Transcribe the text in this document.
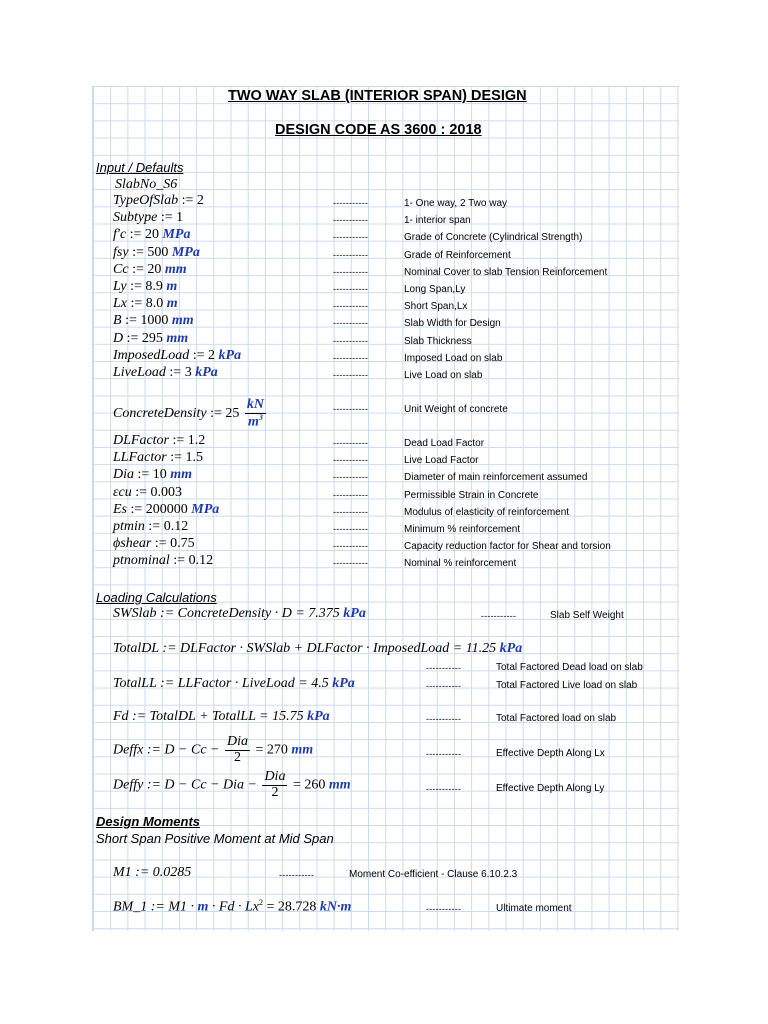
TWO WAY SLAB (INTERIOR SPAN) DESIGN
DESIGN CODE AS 3600 : 2018
Input / Defaults
SlabNo_S6
TypeOfSlab := 2	-----------	1- One way, 2 Two way
Subtype := 1	-----------	1- interior span
f′c := 20 MPa	-----------	Grade of Concrete (Cylindrical Strength)
fsy := 500 MPa	-----------	Grade of Reinforcement
Cc := 20 mm	-----------	Nominal Cover to slab Tension Reinforcement
Ly := 8.9 m	-----------	Long Span,Ly
Lx := 8.0 m	-----------	Short Span,Lx
B := 1000 mm	-----------	Slab Width for Design
D := 295 mm	-----------	Slab Thickness
ImposedLoad := 2 kPa	-----------	Imposed Load on slab
LiveLoad := 3 kPa	-----------	Live Load on slab
ConcreteDensity := $25 \frac{kN}{m^3}$	-----------	Unit Weight of concrete
DLFactor := 1.2	-----------	Dead Load Factor
LLFactor := 1.5	-----------	Live Load Factor
Dia := 10 mm	-----------	Diameter of main reinforcement assumed
εcu := 0.003	-----------	Permissible Strain in Concrete
Es := 200000 MPa	-----------	Modulus of elasticity of reinforcement
ptmin := 0.12	-----------	Minimum % reinforcement
ϕshear := 0.75	-----------	Capacity reduction factor for Shear and torsion
ptnominal := 0.12	-----------	Nominal % reinforcement
Loading Calculations
SWSlab := ConcreteDensity · D = 7.375 kPa	-----------	Slab Self Weight
TotalDL := DLFactor · SWSlab + DLFactor · ImposedLoad = 11.25 kPa
-----------	Total Factored Dead load on slab
TotalLL := LLFactor · LiveLoad = 4.5 kPa	-----------	Total Factored Live load on slab
Fd := TotalDL + TotalLL = 15.75 kPa	-----------	Total Factored load on slab
Deffx := $D - Cc - \frac{\text{Dia}}{2} = 270$ mm	-----------	Effective Depth Along Lx
Deffy := D − Cc − Dia − $\frac{\text{Dia}}{2} = 260$ mm	-----------	Effective Depth Along Ly
Design Moments
Short Span Positive Moment at Mid Span
M1 := 0.0285	-----------	Moment Co-efficient - Clause 6.10.2.3
BM_1 := $M1 \cdot m \cdot Fd \cdot Lx^2 = 28.728$ kN·m	-----------	Ultimate moment
